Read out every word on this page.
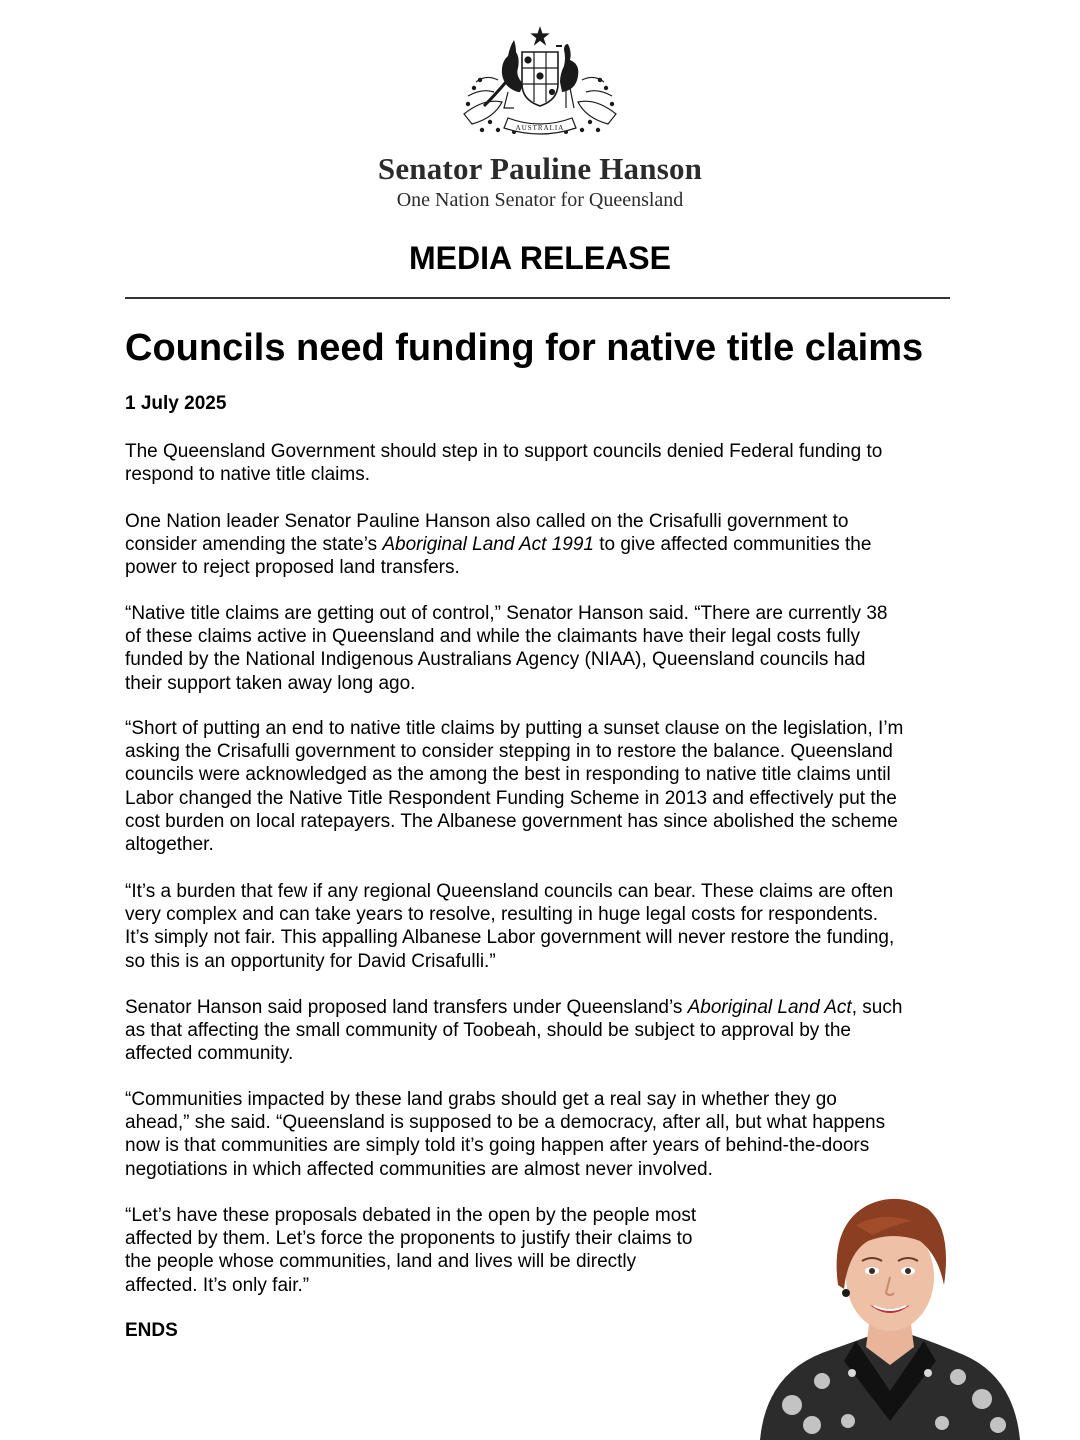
AUSTRALIA
Senator Pauline Hanson
One Nation Senator for Queensland
MEDIA RELEASE
Councils need funding for native title claims
1 July 2025

The Queensland Government should step in to support councils denied Federal funding to
respond to native title claims.

One Nation leader Senator Pauline Hanson also called on the Crisafulli government to
consider amending the state’s Aboriginal Land Act 1991 to give affected communities the
power to reject proposed land transfers.

“Native title claims are getting out of control,” Senator Hanson said. “There are currently 38
of these claims active in Queensland and while the claimants have their legal costs fully
funded by the National Indigenous Australians Agency (NIAA), Queensland councils had
their support taken away long ago.

“Short of putting an end to native title claims by putting a sunset clause on the legislation, I’m
asking the Crisafulli government to consider stepping in to restore the balance. Queensland
councils were acknowledged as the among the best in responding to native title claims until
Labor changed the Native Title Respondent Funding Scheme in 2013 and effectively put the
cost burden on local ratepayers. The Albanese government has since abolished the scheme
altogether.

“It’s a burden that few if any regional Queensland councils can bear. These claims are often
very complex and can take years to resolve, resulting in huge legal costs for respondents.
It’s simply not fair. This appalling Albanese Labor government will never restore the funding,
so this is an opportunity for David Crisafulli.”

Senator Hanson said proposed land transfers under Queensland’s Aboriginal Land Act, such
as that affecting the small community of Toobeah, should be subject to approval by the
affected community.

“Communities impacted by these land grabs should get a real say in whether they go
ahead,” she said. “Queensland is supposed to be a democracy, after all, but what happens
now is that communities are simply told it’s going happen after years of behind-the-doors
negotiations in which affected communities are almost never involved.

“Let’s have these proposals debated in the open by the people most
affected by them. Let’s force the proponents to justify their claims to
the people whose communities, land and lives will be directly
affected. It’s only fair.”

ENDS
